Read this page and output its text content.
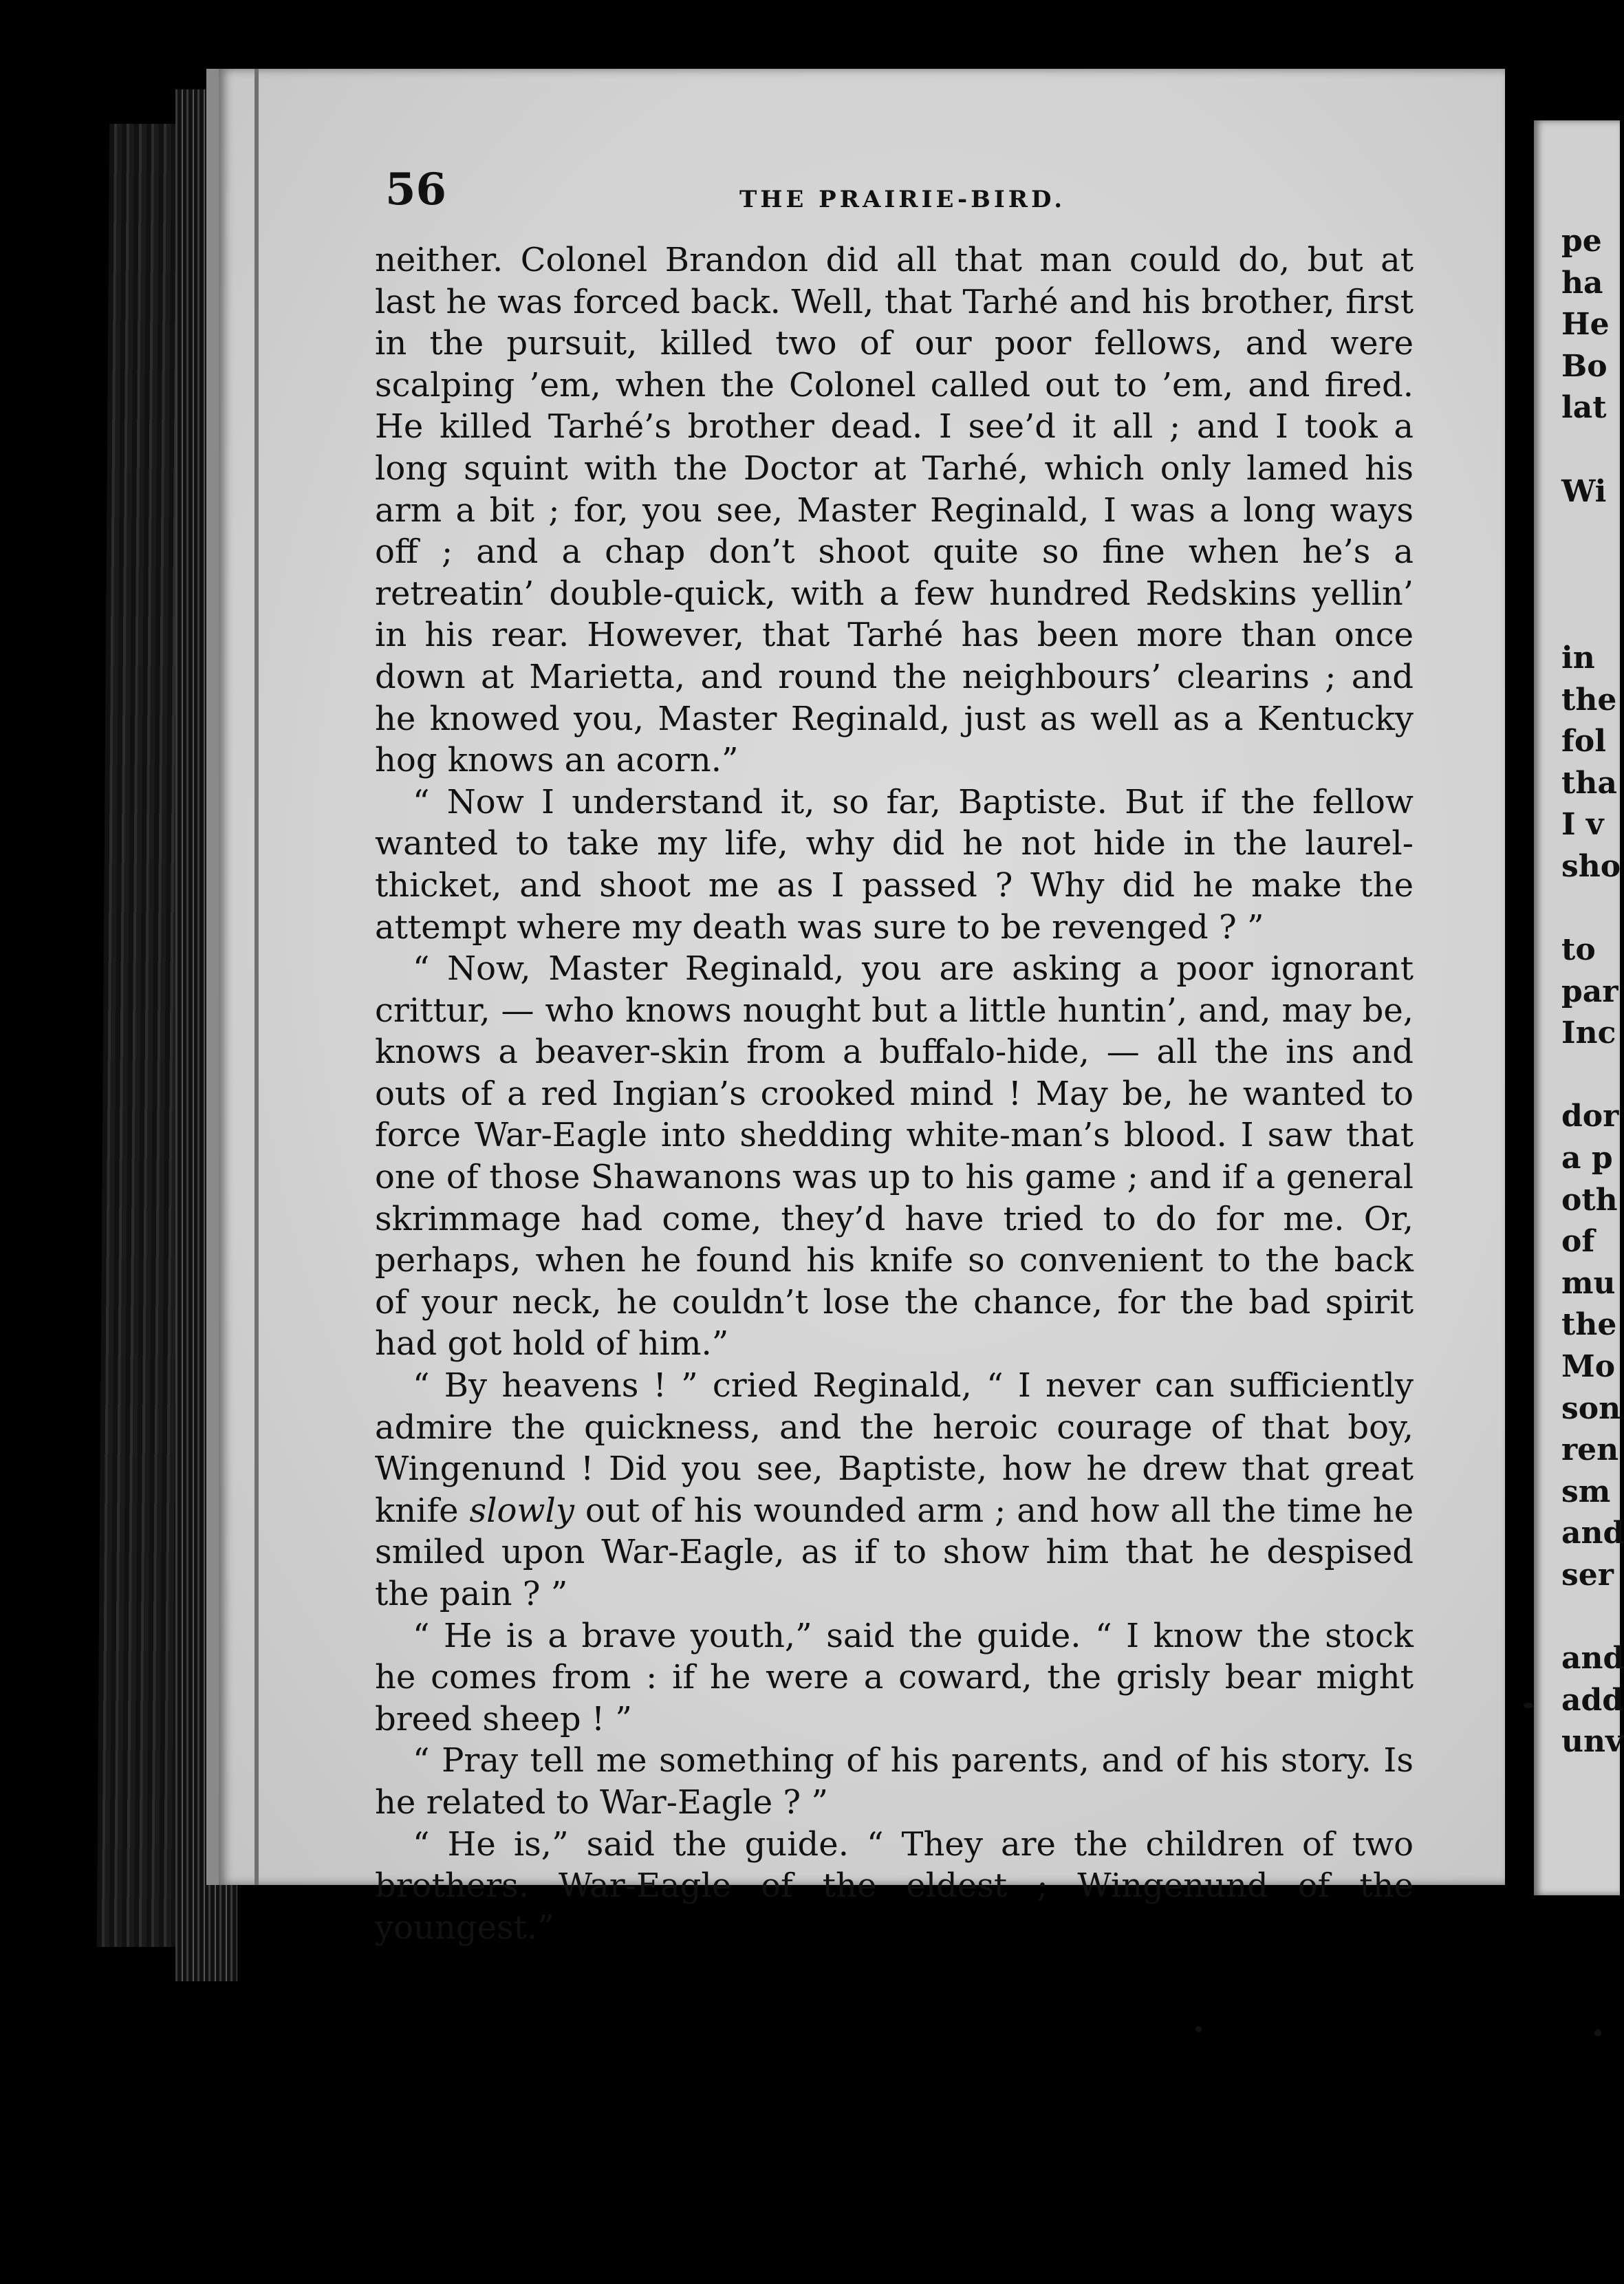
56	THE PRAIRIE-BIRD.

neither. Colonel Brandon did all that man could do, but at last he was forced back. Well, that Tarhé and his brother, first in the pursuit, killed two of our poor fellows, and were scalping ’em, when the Colonel called out to ’em, and fired. He killed Tarhé’s brother dead. I see’d it all ; and I took a long squint with the Doctor at Tarhé, which only lamed his arm a bit ; for, you see, Master Reginald, I was a long ways off ; and a chap don’t shoot quite so fine when he’s a retreatin’ double-quick, with a few hundred Redskins yellin’ in his rear. However, that Tarhé has been more than once down at Marietta, and round the neighbours’ clearins ; and he knowed you, Master Reginald, just as well as a Kentucky hog knows an acorn.”

“ Now I understand it, so far, Baptiste. But if the fellow wanted to take my life, why did he not hide in the laurel-thicket, and shoot me as I passed ? Why did he make the attempt where my death was sure to be revenged ? ”

“ Now, Master Reginald, you are asking a poor ignorant crittur, — who knows nought but a little huntin’, and, may be, knows a beaver-skin from a buffalo-hide, — all the ins and outs of a red Ingian’s crooked mind ! May be, he wanted to force War-Eagle into shedding white-man’s blood. I saw that one of those Shawanons was up to his game ; and if a general skrimmage had come, they’d have tried to do for me. Or, perhaps, when he found his knife so convenient to the back of your neck, he couldn’t lose the chance, for the bad spirit had got hold of him.”

“ By heavens ! ” cried Reginald, “ I never can sufficiently admire the quickness, and the heroic courage of that boy, Wingenund ! Did you see, Baptiste, how he drew that great knife slowly out of his wounded arm ; and how all the time he smiled upon War-Eagle, as if to show him that he despised the pain ? ”

“ He is a brave youth,” said the guide. “ I know the stock he comes from : if he were a coward, the grisly bear might breed sheep ! ”

“ Pray tell me something of his parents, and of his story. Is he related to War-Eagle ? ”

“ He is,” said the guide. “ They are the children of two brothers. War-Eagle of the eldest ; Wingenund of the youngest.”

pe
ha
He
Bo
lat
Wi
in
the
fol
tha
I v
sho
to
par
Inc
dor
a p
oth
of
mu
the
Mo
son
ren
sm
and
ser
and
add
unv
